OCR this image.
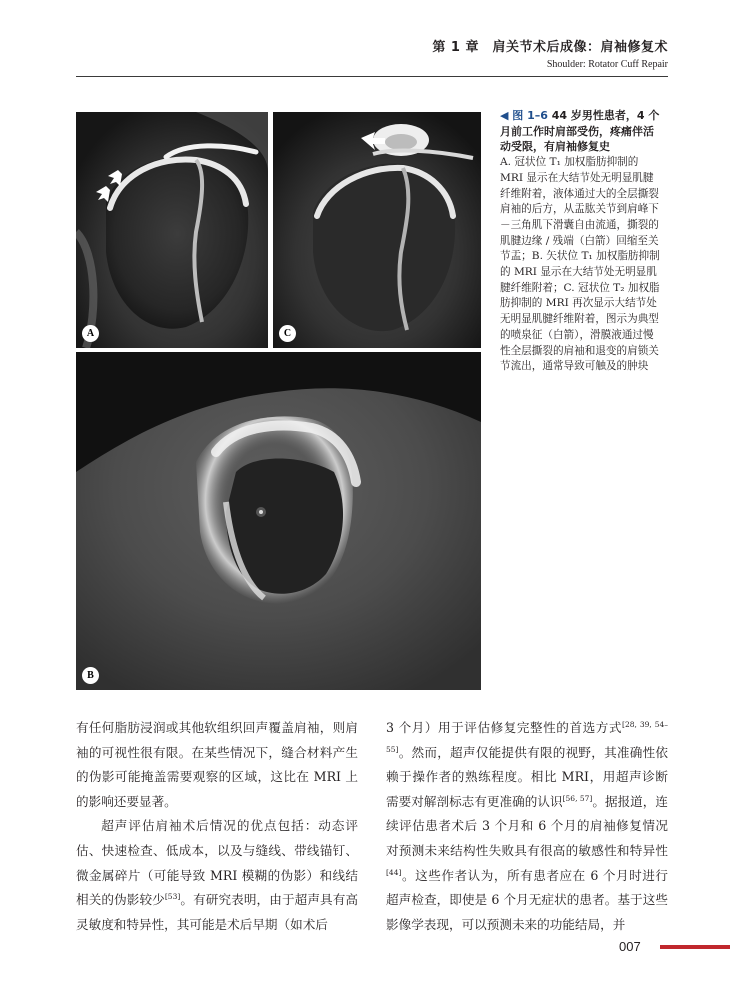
第 1 章　肩关节术后成像：肩袖修复术
Shoulder: Rotator Cuff Repair
A	C
B
◀ 图 1–6 44 岁男性患者，4 个月前工作时肩部受伤，疼痛伴活动受限，有肩袖修复史
A. 冠状位 T₁ 加权脂肪抑制的 MRI 显示在大结节处无明显肌腱纤维附着，液体通过大的全层撕裂肩袖的后方，从盂肱关节到肩峰下－三角肌下滑囊自由流通，撕裂的肌腱边缘 / 残端（白箭）回缩至关节盂；B. 矢状位 T₁ 加权脂肪抑制的 MRI 显示在大结节处无明显肌腱纤维附着；C. 冠状位 T₂ 加权脂肪抑制的 MRI 再次显示大结节处无明显肌腱纤维附着，图示为典型的喷泉征（白箭），滑膜液通过慢性全层撕裂的肩袖和退变的肩锁关节流出，通常导致可触及的肿块

有任何脂肪浸润或其他软组织回声覆盖肩袖，则肩袖的可视性很有限。在某些情况下，缝合材料产生的伪影可能掩盖需要观察的区域，这比在 MRI 上的影响还要显著。

超声评估肩袖术后情况的优点包括：动态评估、快速检查、低成本，以及与缝线、带线锚钉、微金属碎片（可能导致 MRI 模糊的伪影）和线结相关的伪影较少[53]。有研究表明，由于超声具有高灵敏度和特异性，其可能是术后早期（如术后

3 个月）用于评估修复完整性的首选方式[28, 39, 54–55]。然而，超声仅能提供有限的视野，其准确性依赖于操作者的熟练程度。相比 MRI，用超声诊断需要对解剖标志有更准确的认识[56, 57]。据报道，连续评估患者术后 3 个月和 6 个月的肩袖修复情况对预测未来结构性失败具有很高的敏感性和特异性[44]。这些作者认为，所有患者应在 6 个月时进行超声检查，即使是 6 个月无症状的患者。基于这些影像学表现，可以预测未来的功能结局，并

007
